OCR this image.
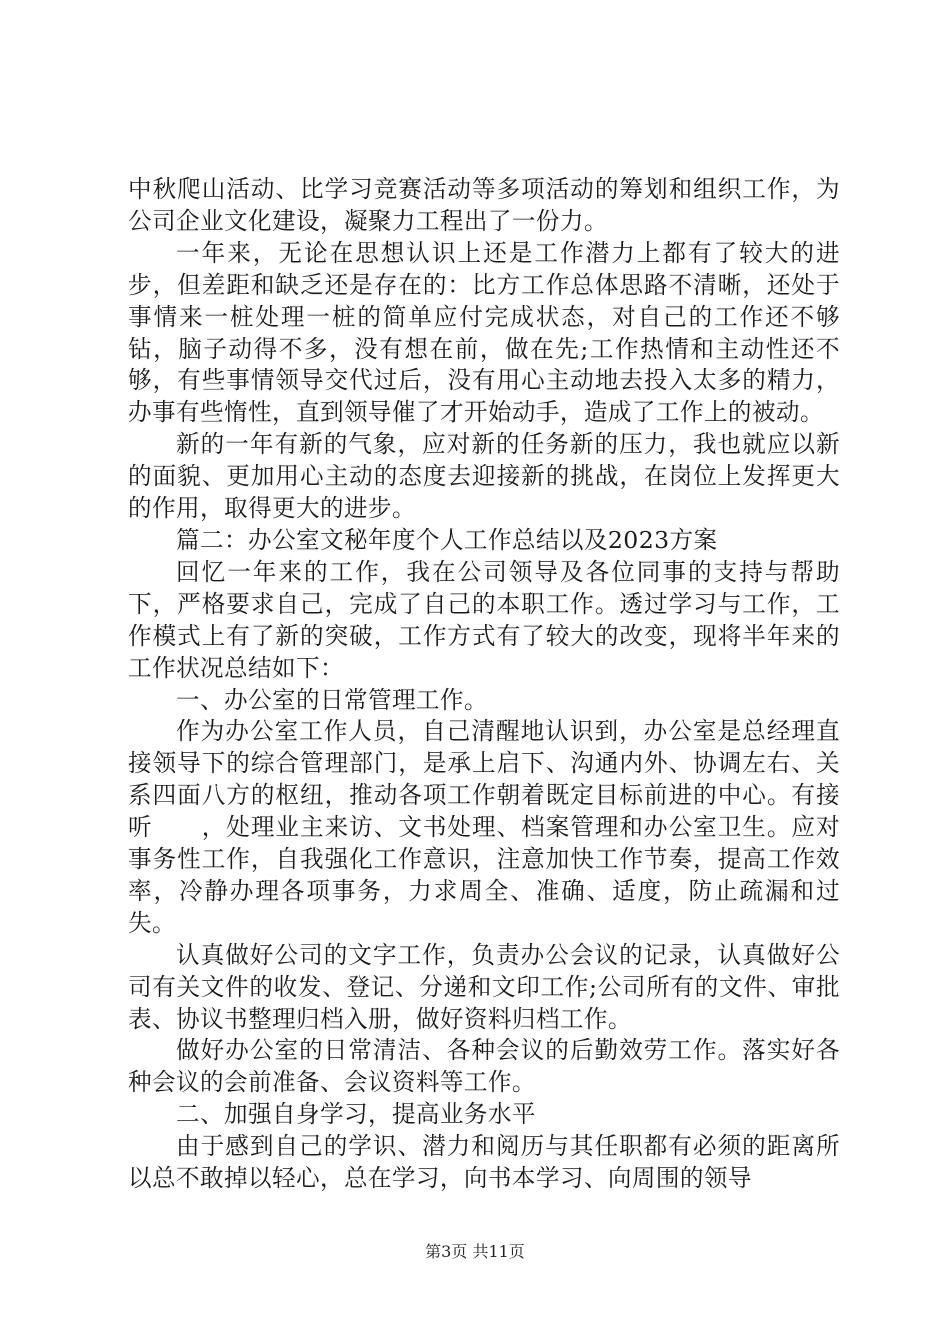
中秋爬山活动、比学习竞赛活动等多项活动的筹划和组织工作，为公司企业文化建设，凝聚力工程出了一份力。

一年来，无论在思想认识上还是工作潜力上都有了较大的进步，但差距和缺乏还是存在的：比方工作总体思路不清晰，还处于事情来一桩处理一桩的简单应付完成状态，对自己的工作还不够钻，脑子动得不多，没有想在前，做在先;工作热情和主动性还不够，有些事情领导交代过后，没有用心主动地去投入太多的精力，办事有些惰性，直到领导催了才开始动手，造成了工作上的被动。

新的一年有新的气象，应对新的任务新的压力，我也就应以新的面貌、更加用心主动的态度去迎接新的挑战，在岗位上发挥更大的作用，取得更大的进步。

篇二：办公室文秘年度个人工作总结以及2023方案

回忆一年来的工作，我在公司领导及各位同事的支持与帮助下，严格要求自己，完成了自己的本职工作。透过学习与工作，工作模式上有了新的突破，工作方式有了较大的改变，现将半年来的工作状况总结如下：

一、办公室的日常管理工作。

作为办公室工作人员，自己清醒地认识到，办公室是总经理直接领导下的综合管理部门，是承上启下、沟通内外、协调左右、关系四面八方的枢纽，推动各项工作朝着既定目标前进的中心。有接听　　，处理业主来访、文书处理、档案管理和办公室卫生。应对事务性工作，自我强化工作意识，注意加快工作节奏，提高工作效率，冷静办理各项事务，力求周全、准确、适度，防止疏漏和过失。

认真做好公司的文字工作，负责办公会议的记录，认真做好公司有关文件的收发、登记、分递和文印工作;公司所有的文件、审批表、协议书整理归档入册，做好资料归档工作。

做好办公室的日常清洁、各种会议的后勤效劳工作。落实好各种会议的会前准备、会议资料等工作。

二、加强自身学习，提高业务水平

由于感到自己的学识、潜力和阅历与其任职都有必须的距离所以总不敢掉以轻心，总在学习，向书本学习、向周围的领导

第3页 共11页
